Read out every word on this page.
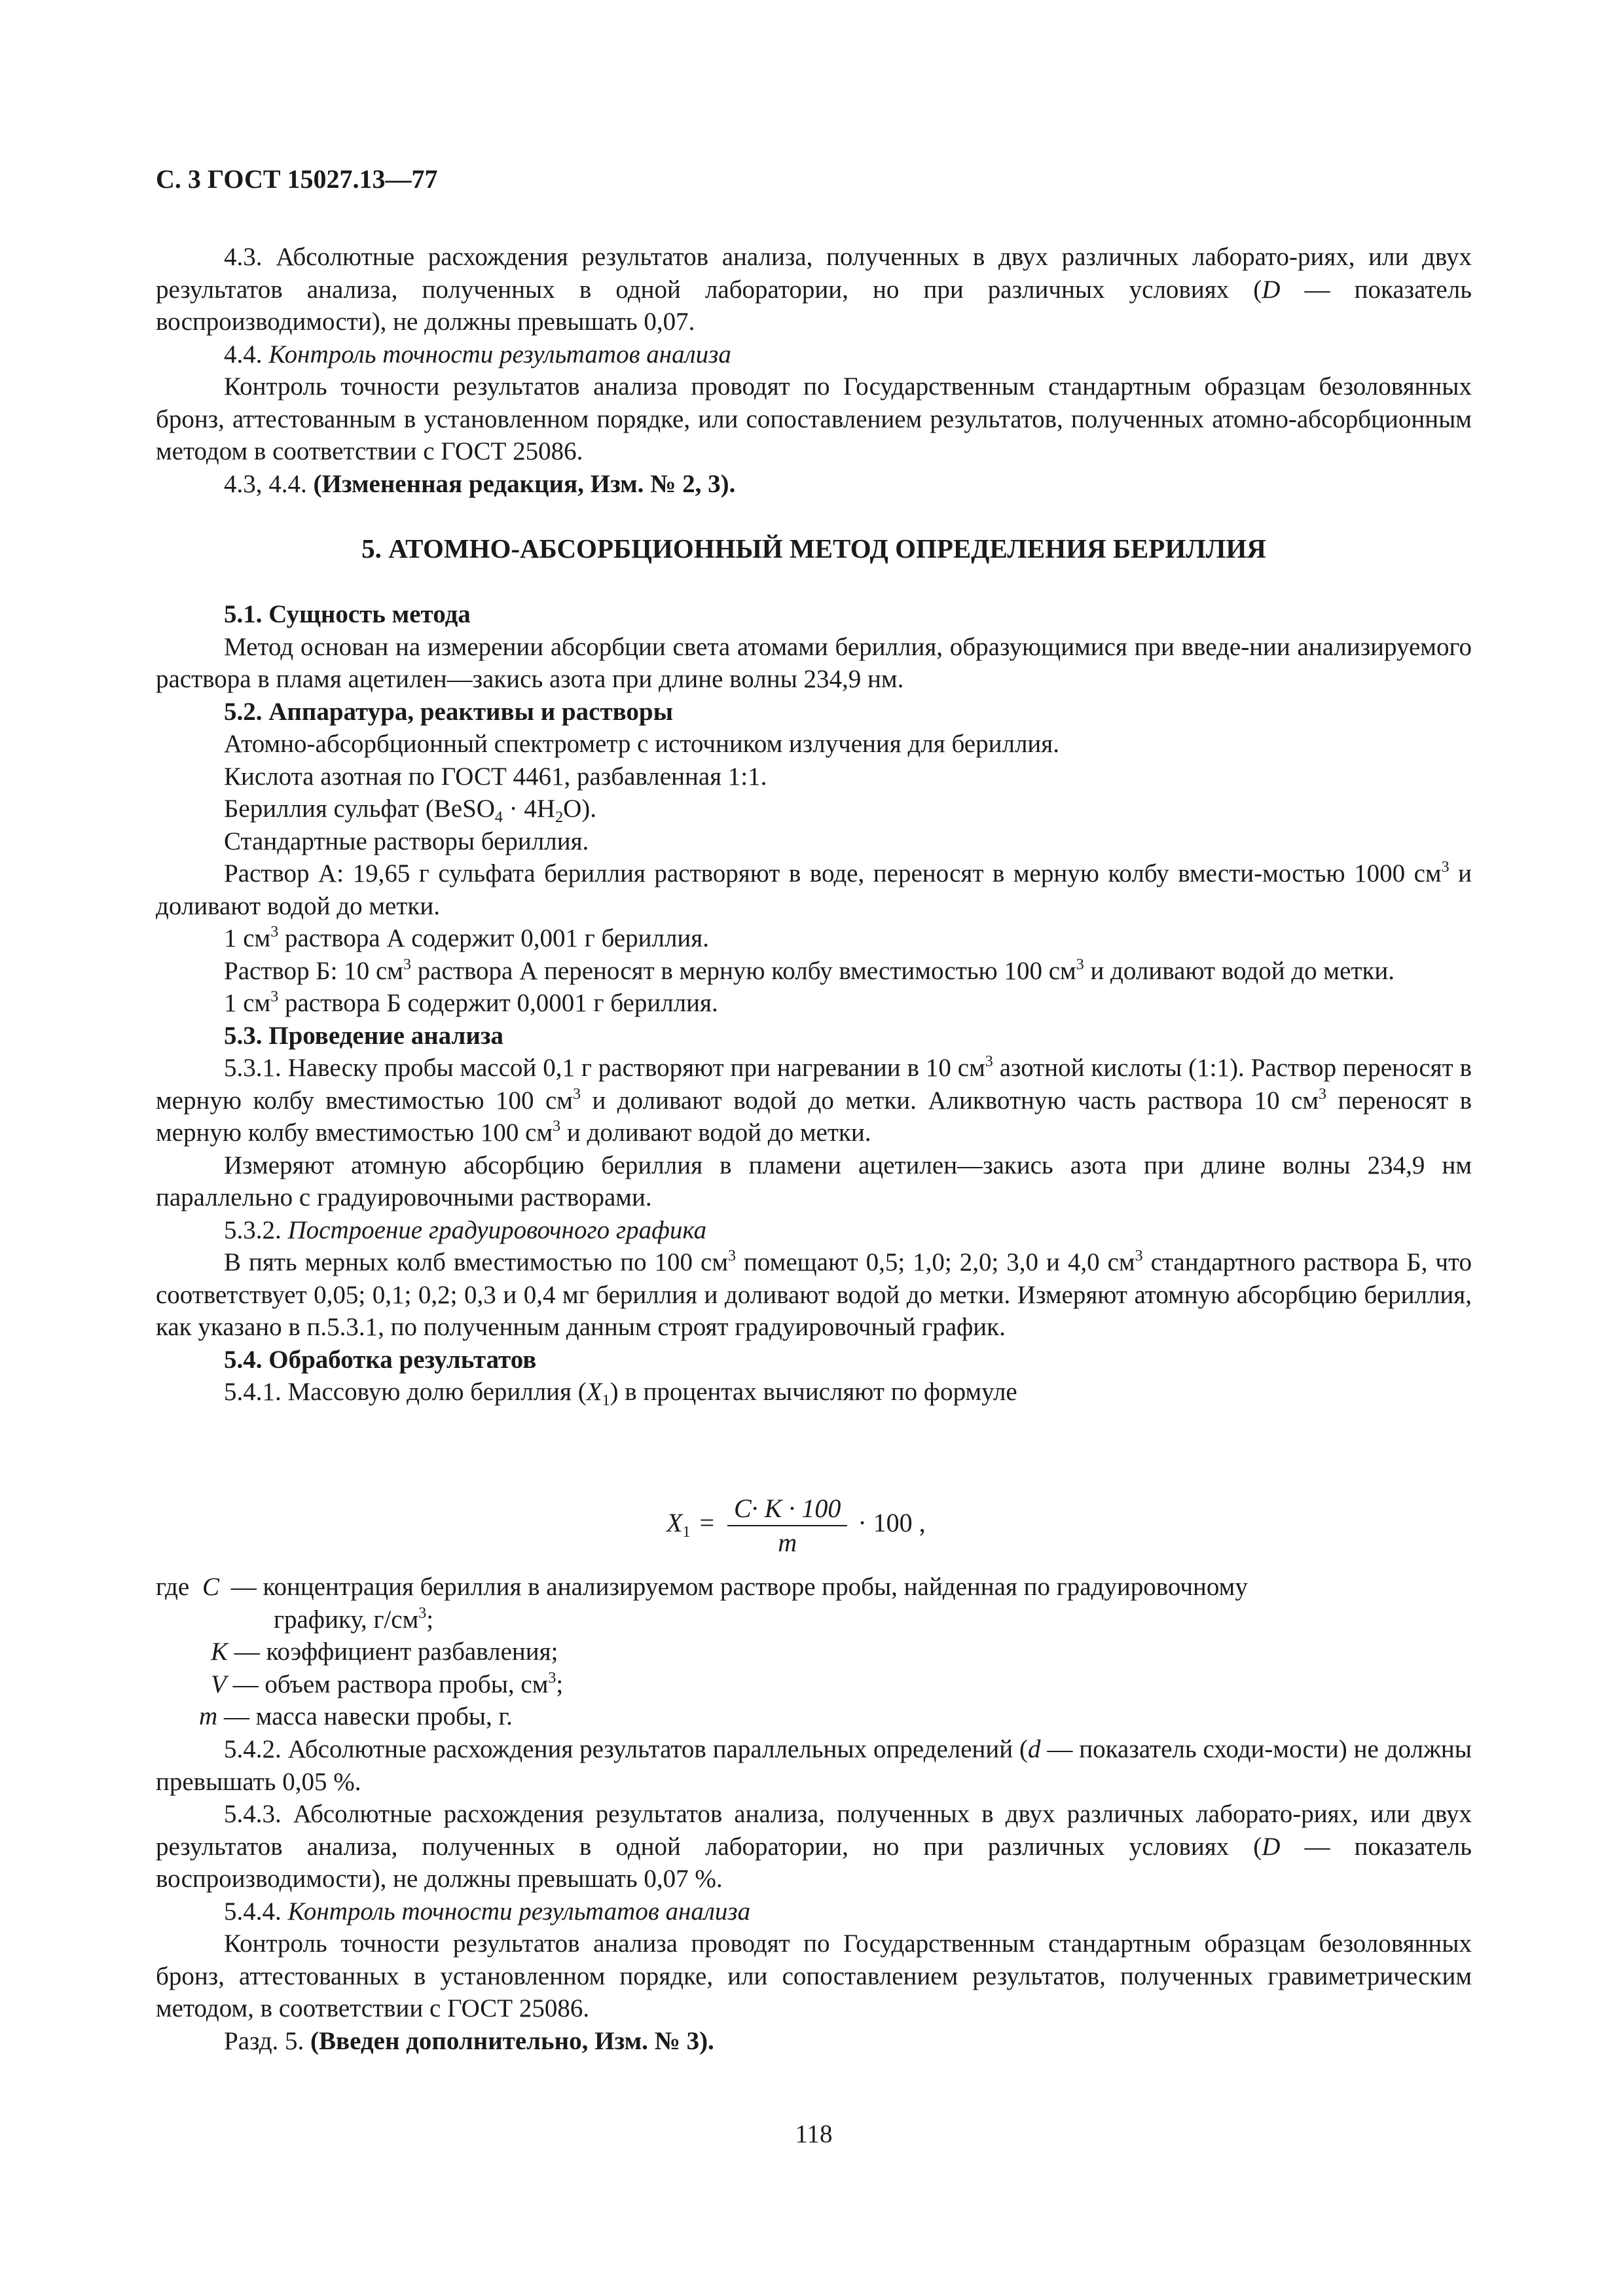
С. 3 ГОСТ 15027.13—77

4.3. Абсолютные расхождения результатов анализа, полученных в двух различных лаборато-риях, или двух результатов анализа, полученных в одной лаборатории, но при различных условиях (D — показатель воспроизводимости), не должны превышать 0,07.

4.4. Контроль точности результатов анализа

Контроль точности результатов анализа проводят по Государственным стандартным образцам безоловянных бронз, аттестованным в установленном порядке, или сопоставлением результатов, полученных атомно-абсорбционным методом в соответствии с ГОСТ 25086.

4.3, 4.4. (Измененная редакция, Изм. № 2, 3).

5. АТОМНО-АБСОРБЦИОННЫЙ МЕТОД ОПРЕДЕЛЕНИЯ БЕРИЛЛИЯ

5.1. Сущность метода

Метод основан на измерении абсорбции света атомами бериллия, образующимися при введе-нии анализируемого раствора в пламя ацетилен—закись азота при длине волны 234,9 нм.

5.2. Аппаратура, реактивы и растворы

Атомно-абсорбционный спектрометр с источником излучения для бериллия.

Кислота азотная по ГОСТ 4461, разбавленная 1:1.

Бериллия сульфат (BeSO$_4$ · $4H_2O$).

Стандартные растворы бериллия.

Раствор А: 19,65 г сульфата бериллия растворяют в воде, переносят в мерную колбу вмести-мостью 1000 $см^3$ и доливают водой до метки.

1 $см^3$ раствора А содержит 0,001 г бериллия.

Раствор Б: 10 $см^3$ раствора А переносят в мерную колбу вместимостью 100 $см^3$ и доливают водой до метки.

1 $см^3$ раствора Б содержит 0,0001 г бериллия.

5.3. Проведение анализа

5.3.1. Навеску пробы массой 0,1 г растворяют при нагревании в 10 $см^3$ азотной кислоты (1:1). Раствор переносят в мерную колбу вместимостью 100 $см^3$ и доливают водой до метки. Аликвотную часть раствора 10 $см^3$ переносят в мерную колбу вместимостью 100 $см^3$ и доливают водой до метки.

Измеряют атомную абсорбцию бериллия в пламени ацетилен—закись азота при длине волны 234,9 нм параллельно с градуировочными растворами.

5.3.2. Построение градуировочного графика

В пять мерных колб вместимостью по 100 $см^3$ помещают 0,5; 1,0; 2,0; 3,0 и 4,0 $см^3$ стандартного раствора Б, что соответствует 0,05; 0,1; 0,2; 0,3 и 0,4 мг бериллия и доливают водой до метки. Измеряют атомную абсорбцию бериллия, как указано в п.5.3.1, по полученным данным строят градуировочный график.

5.4. Обработка результатов

5.4.1. Массовую долю бериллия $(X_1)$ в процентах вычисляют по формуле

$X_1 = \frac{C\cdot K \cdot 100}{m} \cdot 100$ ,
где C — концентрация бериллия в анализируемом растворе пробы, найденная по градуировочному
графику, $г/см^3$;
K — коэффициент разбавления;
V — объем раствора пробы, $см^3$;
m — масса навески пробы, г.

5.4.2. Абсолютные расхождения результатов параллельных определений (d — показатель сходи-мости) не должны превышать 0,05 %.

5.4.3. Абсолютные расхождения результатов анализа, полученных в двух различных лаборато-риях, или двух результатов анализа, полученных в одной лаборатории, но при различных условиях (D — показатель воспроизводимости), не должны превышать 0,07 %.

5.4.4. Контроль точности результатов анализа

Контроль точности результатов анализа проводят по Государственным стандартным образцам безоловянных бронз, аттестованных в установленном порядке, или сопоставлением результатов, полученных гравиметрическим методом, в соответствии с ГОСТ 25086.

Разд. 5. (Введен дополнительно, Изм. № 3).

118
